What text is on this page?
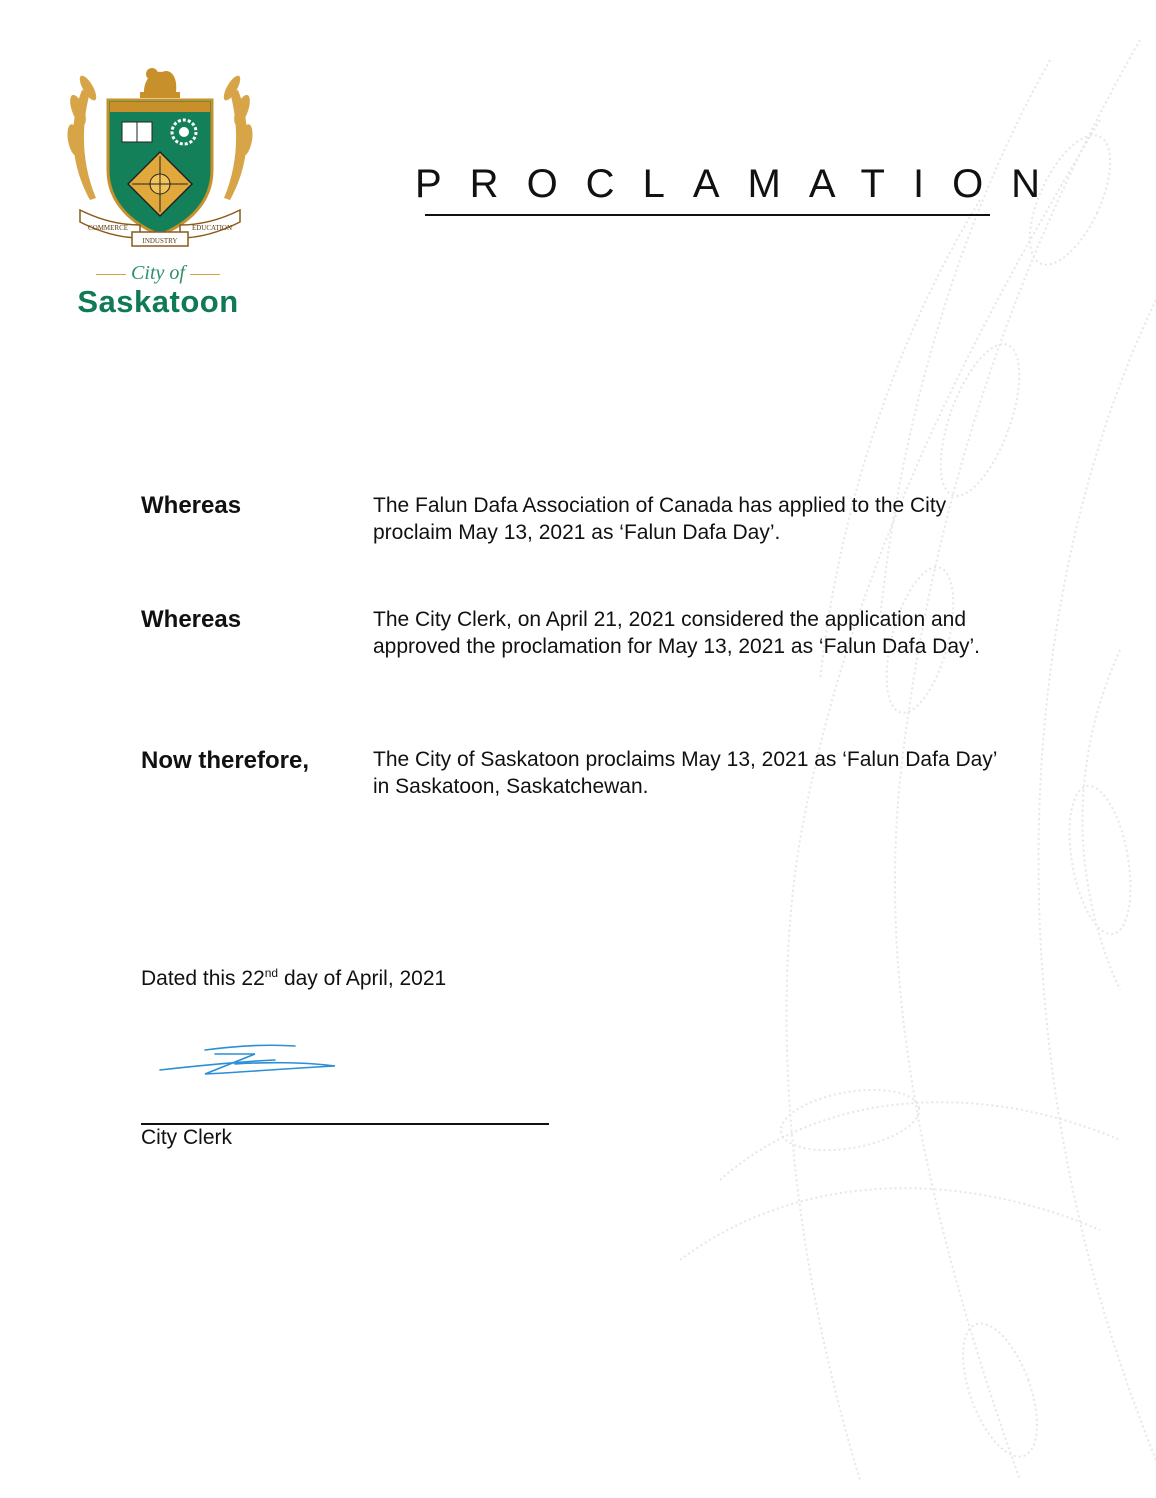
COMMERCE	EDUCATION
INDUSTRY
City of
Saskatoon
PROCLAMATION
Whereas	The Falun Dafa Association of Canada has applied to the City proclaim May 13, 2021 as ‘Falun Dafa Day’.
Whereas	The City Clerk, on April 21, 2021 considered the application and approved the proclamation for May 13, 2021 as ‘Falun Dafa Day’.
Now therefore,	The City of Saskatoon proclaims May 13, 2021 as ‘Falun Dafa Day’ in Saskatoon, Saskatchewan.
Dated this 22nd day of April, 2021
City Clerk
